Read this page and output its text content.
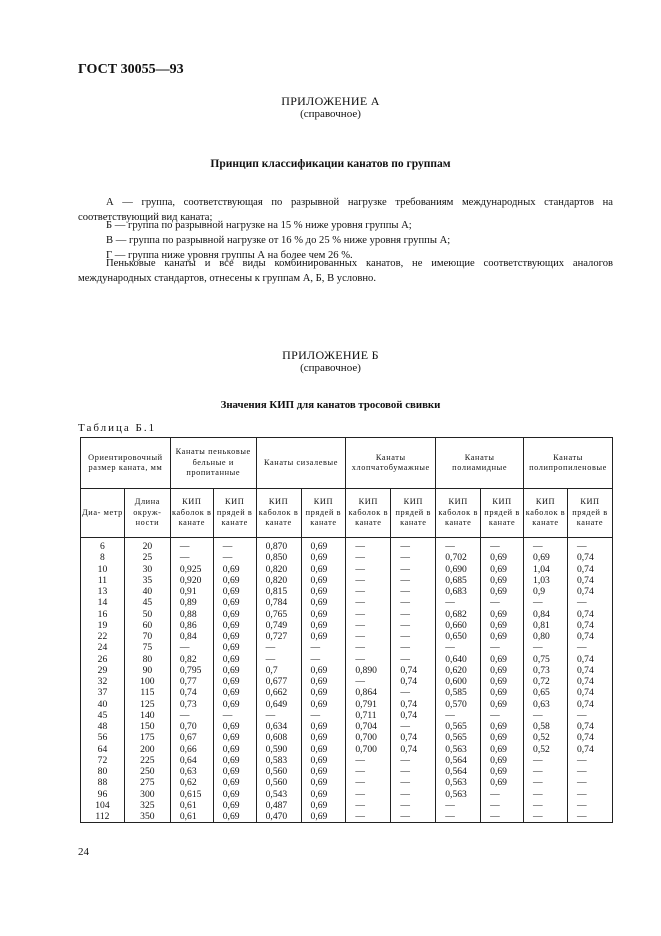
ГОСТ 30055—93
ПРИЛОЖЕНИЕ А
(справочное)
Принцип классификации канатов по группам
А — группа, соответствующая по разрывной нагрузке требованиям международных стандартов на соответствующий вид каната;
Б — группа по разрывной нагрузке на 15 % ниже уровня группы А;
В — группа по разрывной нагрузке от 16 % до 25 % ниже уровня группы А;
Г — группа ниже уровня группы А на более чем 26 %.
Пеньковые канаты и все виды комбинированных канатов, не имеющие соответствующих аналогов международных стандартов, отнесены к группам А, Б, В условно.
ПРИЛОЖЕНИЕ Б
(справочное)
Значения КИП для канатов тросовой свивки
Таблица Б.1
Ориентировочный размер каната, мм		Канаты пеньковые бельные и пропитанные		Канаты сизалевые		Канаты хлопчатобумажные		Канаты полиамидные		Канаты полипропиленовые	
Диа- метр	Длина окруж- ности	КИП каболок в канате	КИП прядей в канате	КИП каболок в канате	КИП прядей в канате	КИП каболок в канате	КИП прядей в канате	КИП каболок в канате	КИП прядей в канате	КИП каболок в канате	КИП прядей в канате
6	20	—	—	0,870	0,69	—	—	—	—	—	—
8	25	—	—	0,850	0,69	—	—	0,702	0,69	0,69	0,74
10	30	0,925	0,69	0,820	0,69	—	—	0,690	0,69	1,04	0,74
11	35	0,920	0,69	0,820	0,69	—	—	0,685	0,69	1,03	0,74
13	40	0,91	0,69	0,815	0,69	—	—	0,683	0,69	0,9	0,74
14	45	0,89	0,69	0,784	0,69	—	—	—	—	—	—
16	50	0,88	0,69	0,765	0,69	—	—	0,682	0,69	0,84	0,74
19	60	0,86	0,69	0,749	0,69	—	—	0,660	0,69	0,81	0,74
22	70	0,84	0,69	0,727	0,69	—	—	0,650	0,69	0,80	0,74
24	75	—	0,69	—	—	—	—	—	—	—	—
26	80	0,82	0,69	—	—	—	—	0,640	0,69	0,75	0,74
29	90	0,795	0,69	0,7	0,69	0,890	0,74	0,620	0,69	0,73	0,74
32	100	0,77	0,69	0,677	0,69	—	0,74	0,600	0,69	0,72	0,74
37	115	0,74	0,69	0,662	0,69	0,864	—	0,585	0,69	0,65	0,74
40	125	0,73	0,69	0,649	0,69	0,791	0,74	0,570	0,69	0,63	0,74
45	140	—	—	—	—	0,711	0,74	—	—	—	—
48	150	0,70	0,69	0,634	0,69	0,704	—	0,565	0,69	0,58	0,74
56	175	0,67	0,69	0,608	0,69	0,700	0,74	0,565	0,69	0,52	0,74
64	200	0,66	0,69	0,590	0,69	0,700	0,74	0,563	0,69	0,52	0,74
72	225	0,64	0,69	0,583	0,69	—	—	0,564	0,69	—	—
80	250	0,63	0,69	0,560	0,69	—	—	0,564	0,69	—	—
88	275	0,62	0,69	0,560	0,69	—	—	0,563	0,69	—	—
96	300	0,615	0,69	0,543	0,69	—	—	0,563	—	—	—
104	325	0,61	0,69	0,487	0,69	—	—	—	—	—	—
112	350	0,61	0,69	0,470	0,69	—	—	—	—	—	—
24
